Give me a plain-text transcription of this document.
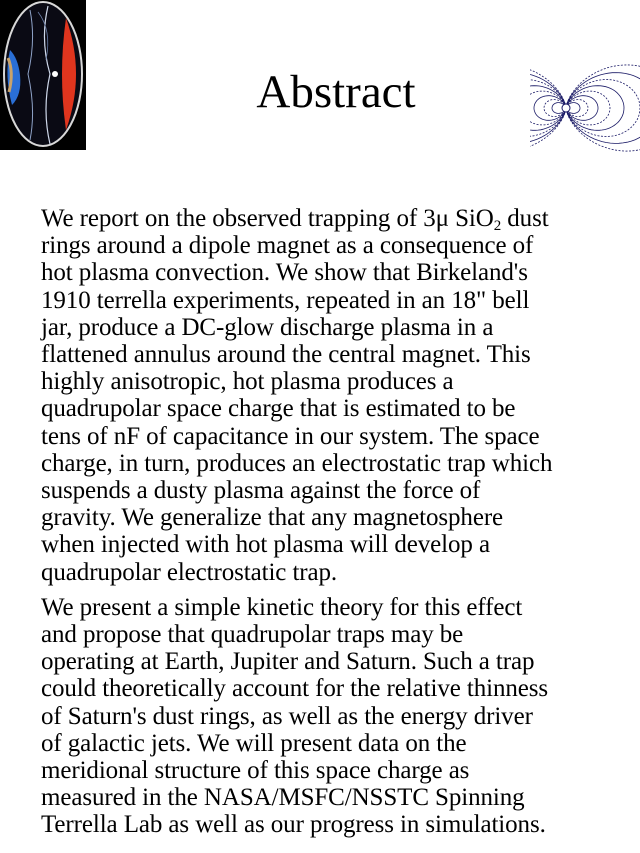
Abstract

We report on the observed trapping of 3μ SiO$_2$ dust
rings around a dipole magnet as a consequence of
hot plasma convection. We show that Birkeland's
1910 terrella experiments, repeated in an 18" bell
jar, produce a DC-glow discharge plasma in a
flattened annulus around the central magnet. This
highly anisotropic, hot plasma produces a
quadrupolar space charge that is estimated to be
tens of nF of capacitance in our system. The space
charge, in turn, produces an electrostatic trap which
suspends a dusty plasma against the force of
gravity. We generalize that any magnetosphere
when injected with hot plasma will develop a
quadrupolar electrostatic trap.

We present a simple kinetic theory for this effect
and propose that quadrupolar traps may be
operating at Earth, Jupiter and Saturn. Such a trap
could theoretically account for the relative thinness
of Saturn's dust rings, as well as the energy driver
of galactic jets. We will present data on the
meridional structure of this space charge as
measured in the NASA/MSFC/NSSTC Spinning
Terrella Lab as well as our progress in simulations.
